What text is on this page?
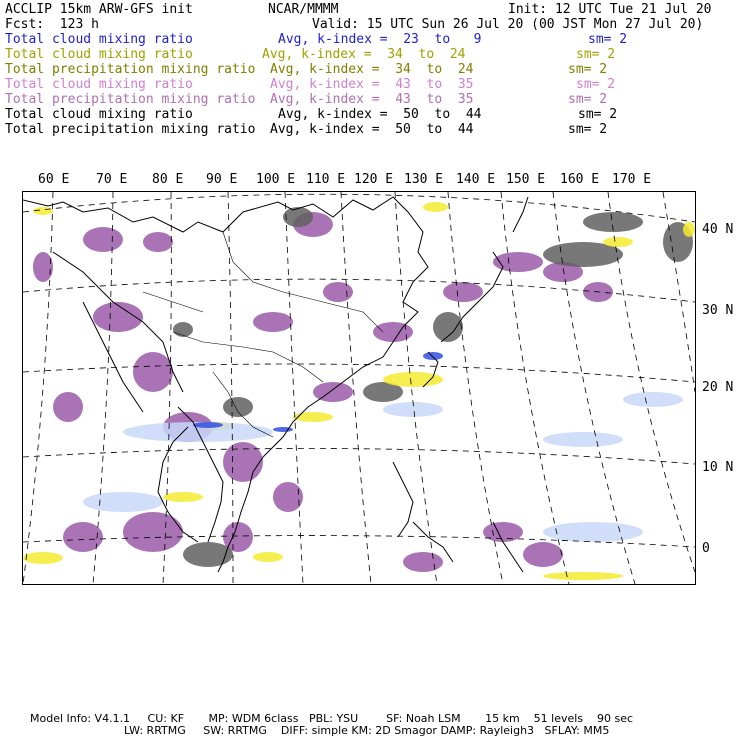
ACCLIP 15km ARW-GFS init	NCAR/MMMM	Init: 12 UTC Tue 21 Jul 20
Fcst:  123 h	Valid: 15 UTC Sun 26 Jul 20 (00 JST Mon 27 Jul 20)
Total cloud mixing ratio	Avg, k-index =  23  to   9	sm= 2
Total cloud mixing ratio	Avg, k-index =  34  to  24	sm= 2
Total precipitation mixing ratio Avg, k-index =  34  to  24	sm= 2
Total cloud mixing ratio	Avg, k-index =  43  to  35	sm= 2
Total precipitation mixing ratio Avg, k-index =  43  to  35	sm= 2
Total cloud mixing ratio	Avg, k-index =  50  to  44	sm= 2
Total precipitation mixing ratio Avg, k-index =  50  to  44	sm= 2
60 E 70 E 80 E 90 E 100 E 110 E 120 E 130 E 140 E 150 E 160 E 170 E
40 N
30 N
20 N
10 N
0
Model Info: V4.1.1     CU: KF       MP: WDM 6class   PBL: YSU        SF: Noah LSM       15 km    51 levels    90 sec
LW: RRTMG     SW: RRTMG    DIFF: simple KM: 2D Smagor DAMP: Rayleigh3   SFLAY: MM5
